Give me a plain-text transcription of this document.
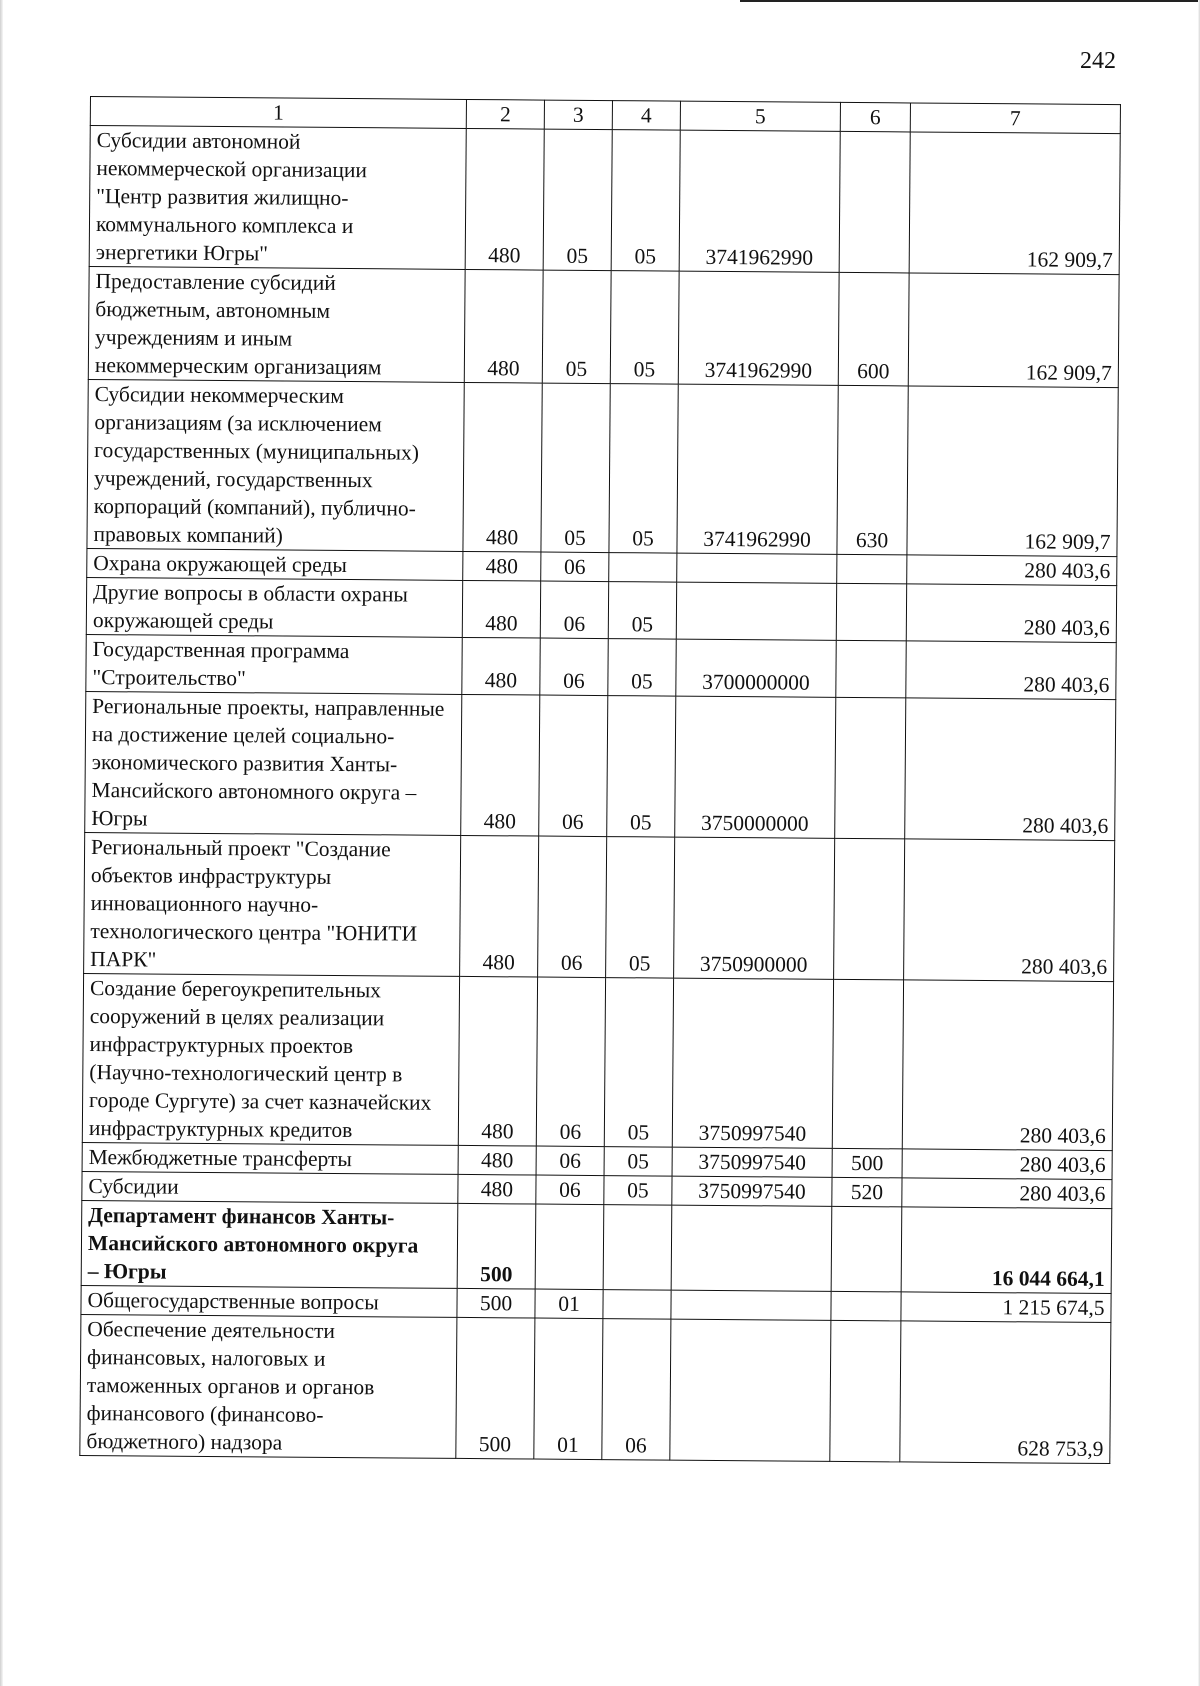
242
1	2	3	4	5	6	7

Субсидии автономной некоммерческой организации "Центр развития жилищно-коммунального комплекса и энергетики Югры"	480	05	05	3741962990		162 909,7

Предоставление субсидий бюджетным, автономным учреждениям и иным некоммерческим организациям	480	05	05	3741962990	600	162 909,7

Субсидии некоммерческим организациям (за исключением государственных (муниципальных) учреждений, государственных корпораций (компаний), публично-правовых компаний)	480	05	05	3741962990	630	162 909,7

Охрана окружающей среды	480	06				280 403,6

Другие вопросы в области охраны окружающей среды	480	06	05			280 403,6

Государственная программа "Строительство"	480	06	05	3700000000		280 403,6

Региональные проекты, направленные на достижение целей социально-экономического развития Ханты-Мансийского автономного округа – Югры	480	06	05	3750000000		280 403,6

Региональный проект "Создание объектов инфраструктуры инновационного научно-технологического центра "ЮНИТИ ПАРК"	480	06	05	3750900000		280 403,6

Создание берегоукрепительных сооружений в целях реализации инфраструктурных проектов (Научно-технологический центр в городе Сургуте) за счет казначейских инфраструктурных кредитов	480	06	05	3750997540		280 403,6

Межбюджетные трансферты	480	06	05	3750997540	500	280 403,6

Субсидии	480	06	05	3750997540	520	280 403,6

Департамент финансов Ханты-Мансийского автономного округа – Югры	500					16 044 664,1

Общегосударственные вопросы	500	01				1 215 674,5

Обеспечение деятельности финансовых, налоговых и таможенных органов и органов финансового (финансово-бюджетного) надзора	500	01	06			628 753,9
